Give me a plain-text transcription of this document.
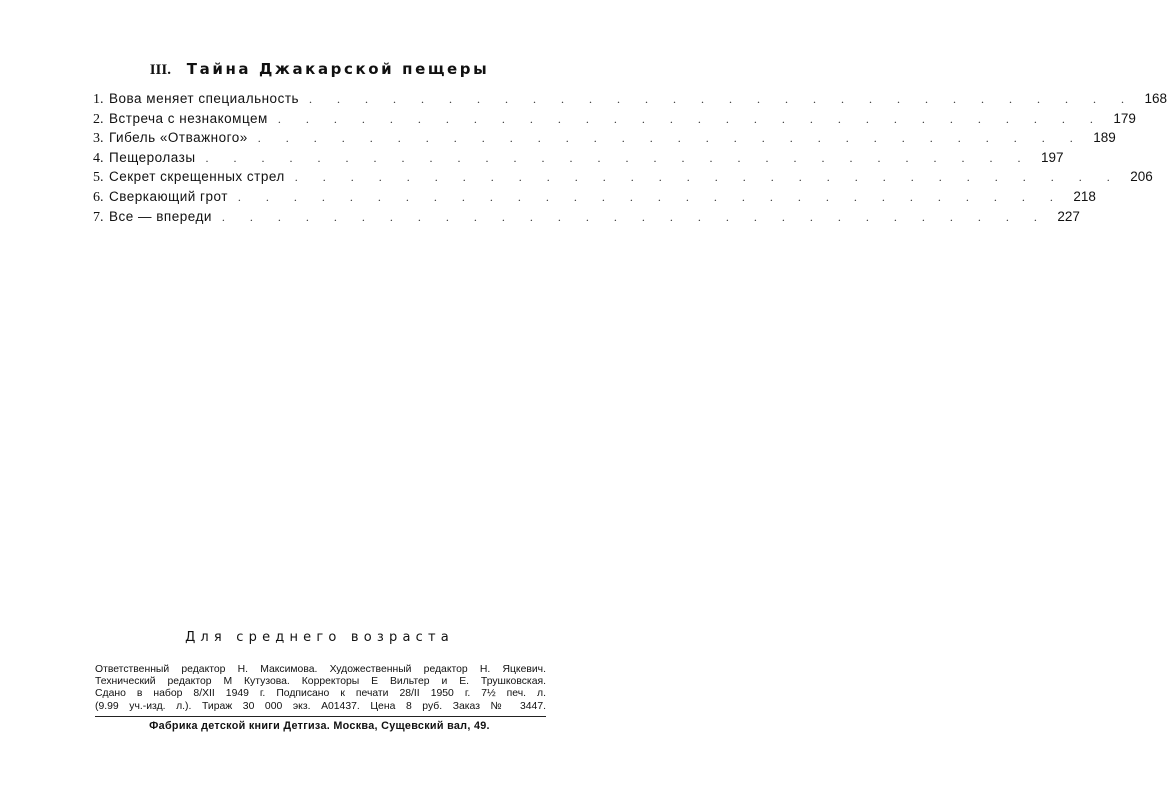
III. Тайна Джакарской пещеры
1. Вова меняет специальность . . . . . . . . . . . . . . . . . . . . . . . . . . . . . . 168
2. Встреча с незнакомцем . . . . . . . . . . . . . . . . . . . . . . . . . . . . . . 179
3. Гибель «Отважного» . . . . . . . . . . . . . . . . . . . . . . . . . . . . . . 189
4. Пещеролазы . . . . . . . . . . . . . . . . . . . . . . . . . . . . . . 197
5. Секрет скрещенных стрел . . . . . . . . . . . . . . . . . . . . . . . . . . . . . . 206
6. Сверкающий грот . . . . . . . . . . . . . . . . . . . . . . . . . . . . . . 218
7. Все — впереди . . . . . . . . . . . . . . . . . . . . . . . . . . . . . . 227
Для среднего возраста
Ответственный редактор Н. Максимова. Художественный редактор Н. Яцкевич.
Технический редактор М Кутузова. Корректоры Е Вильтер и Е. Трушковская.
Сдано в набор 8/XII 1949 г. Подписано к печати 28/II 1950 г. 7½ печ. л.
(9.99 уч.-изд. л.). Тираж 30 000 экз. А01437. Цена 8 руб. Заказ № 3447.
Фабрика детской книги Детгиза. Москва, Сущевский вал, 49.
